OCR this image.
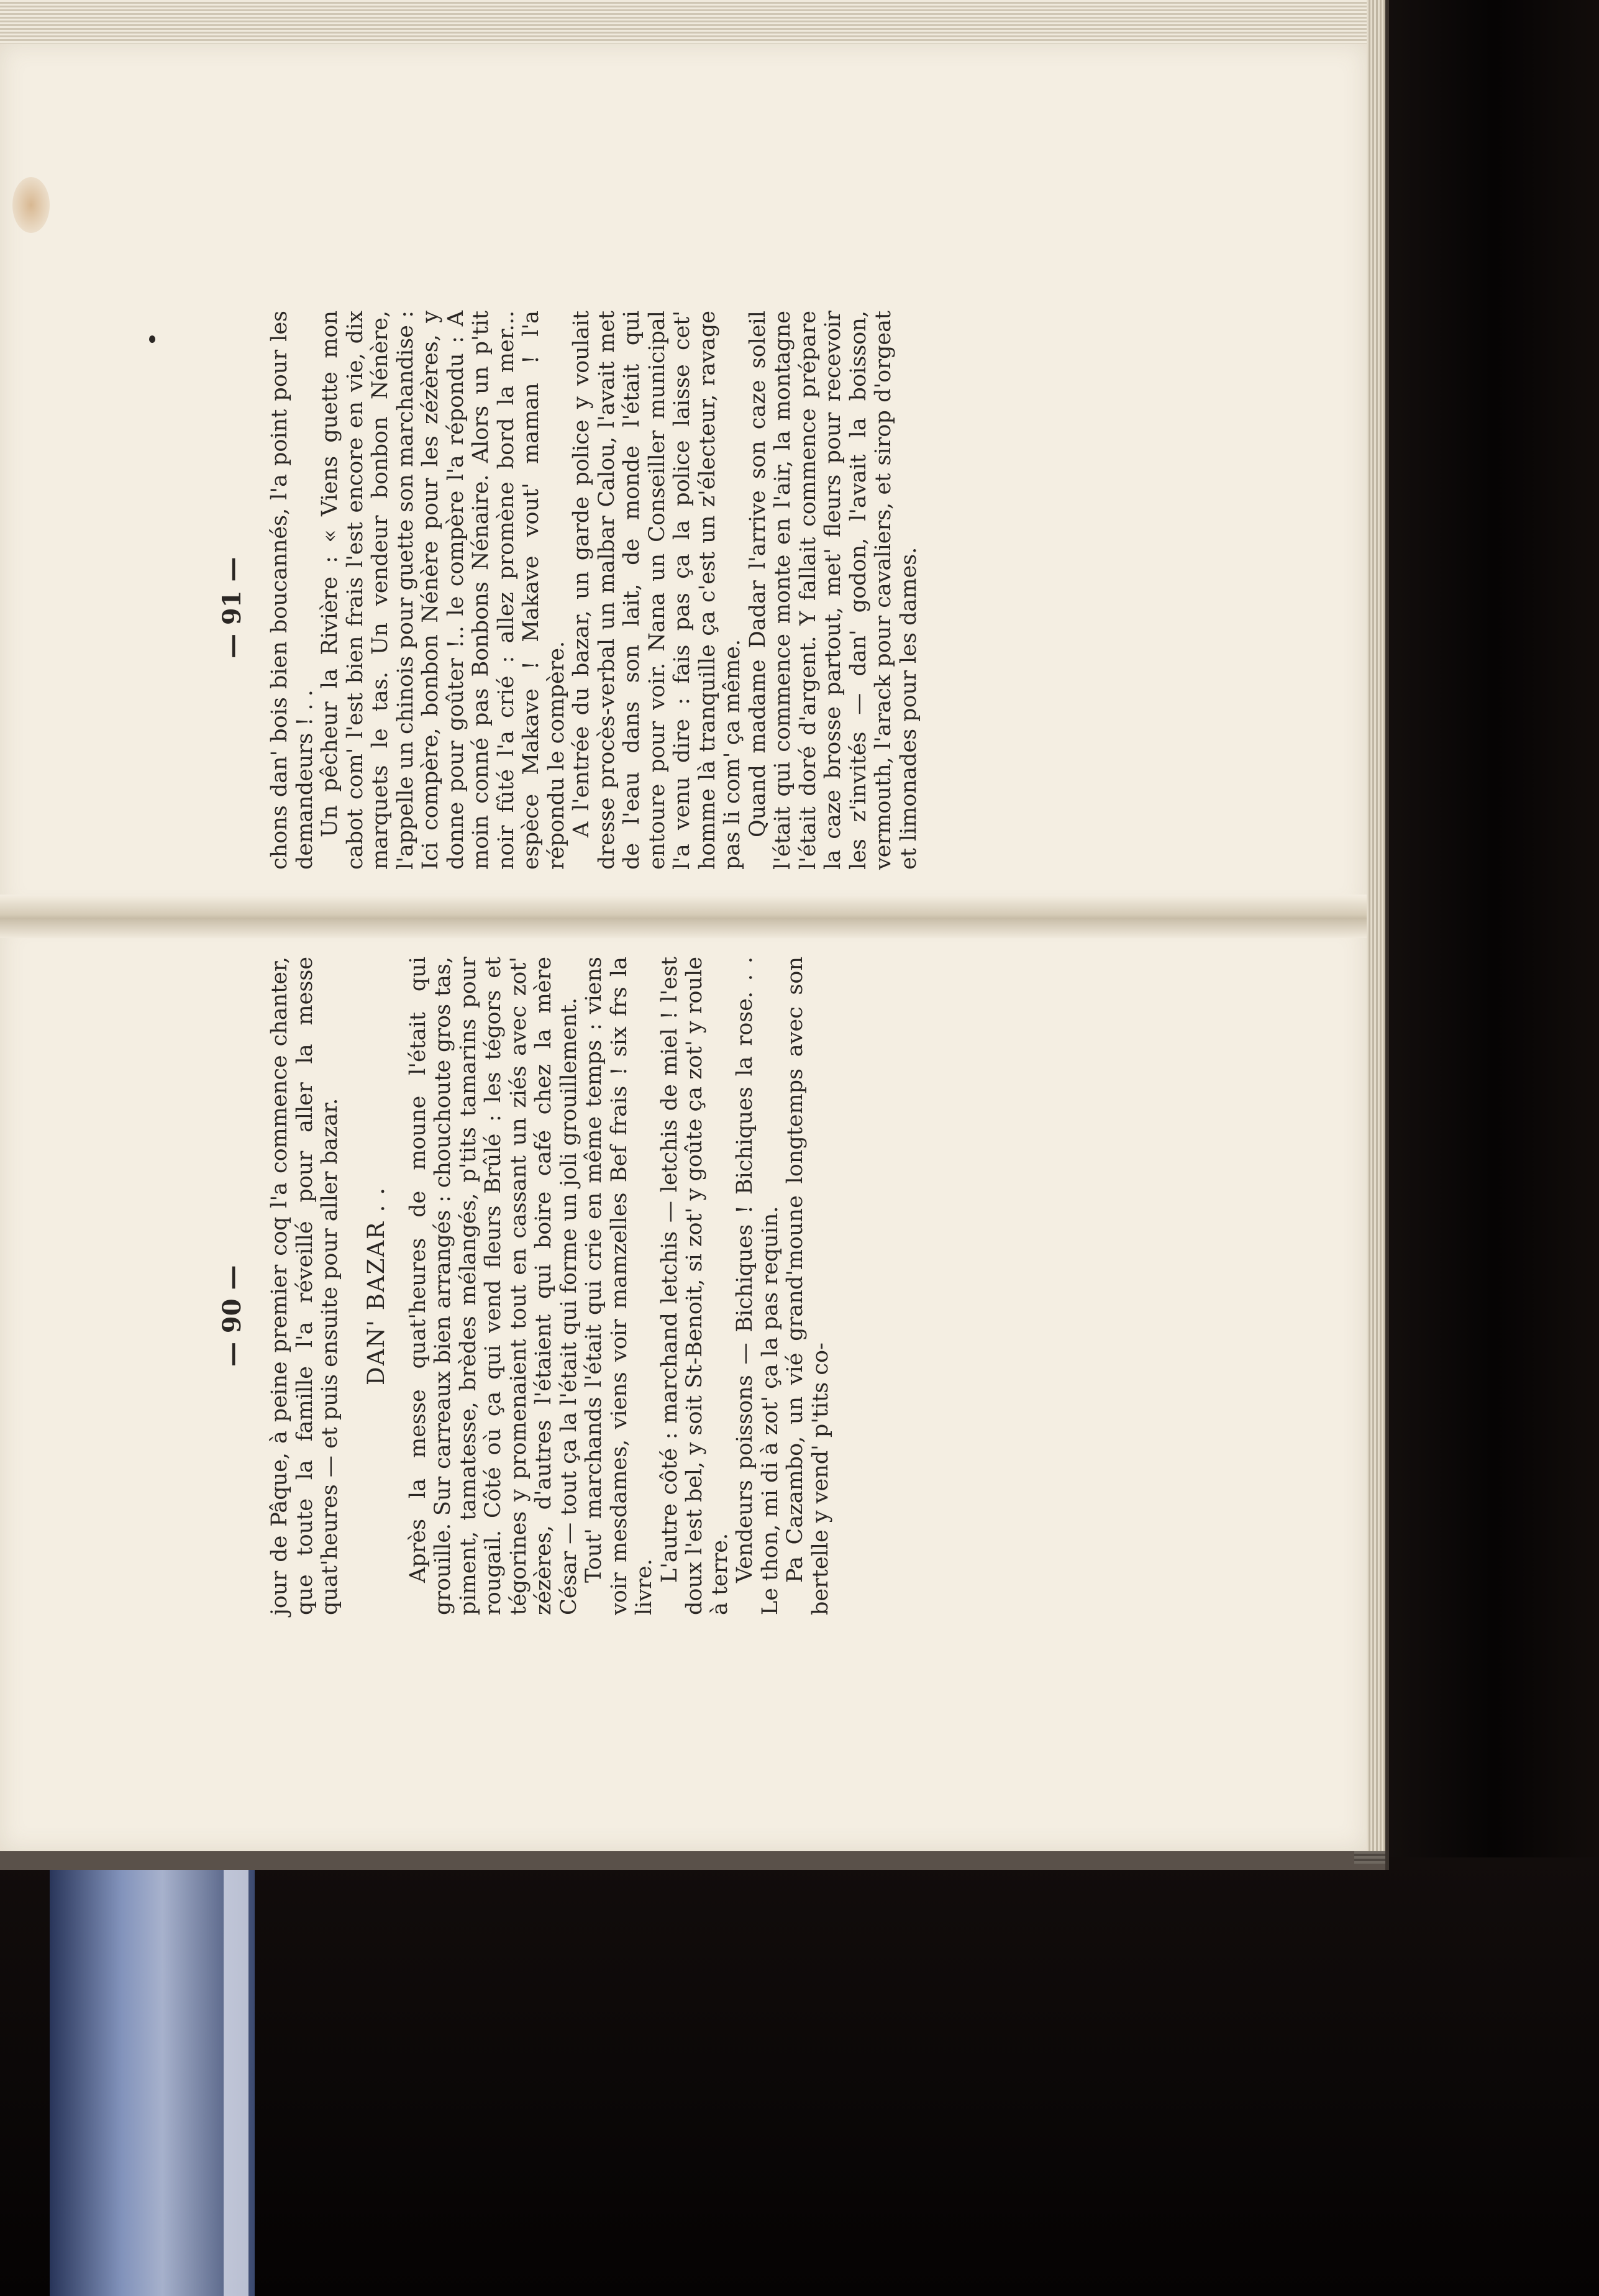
— 91 — chons dan' bois bien boucannés, l'a point pour les demandeurs ! . . Un pêcheur la Rivière : « Viens guette mon cabot com' l'est bien frais l'est encore en vie, dix marquets le tas. Un vendeur bonbon Nénère, l'appelle un chinois pour guette son marchandise : Ici compère, bonbon Nénère pour les zézères, y donne pour goûter !.. le compère l'a répondu : A moin conné pas Bonbons Nénaire. Alors un p'tit noir fûté l'a crié : allez promène bord la mer... espèce Makave ! Makave vout' maman ! l'a répondu le compère. A l'entrée du bazar, un garde police y voulait dresse procès-verbal un malbar Calou, l'avait met de l'eau dans son lait, de monde l'était qui entoure pour voir. Nana un Conseiller municipal l'a venu dire : fais pas ça la police laisse cet' homme là tranquille ça c'est un z'électeur, ravage pas li com' ça même. Quand madame Dadar l'arrive son caze soleil l'était qui commence monte en l'air, la montagne l'était doré d'argent. Y fallait commence prépare la caze brosse partout, met' fleurs pour recevoir les z'invités — dan' godon, l'avait la boisson, vermouth, l'arack pour cavaliers, et sirop d'orgeat et limonades pour les dames.

— 90 — jour de Pâque, à peine premier coq l'a commence chanter, que toute la famille l'a réveillé pour aller la messe quat'heures — et puis ensuite pour aller bazar. DAN' BAZAR . . Après la messe quat'heures de moune l'était qui grouille. Sur carreaux bien arrangés : chouchoute gros tas, piment, tamatesse, brèdes mélangés, p'tits tamarins pour rougail. Côté où ça qui vend fleurs Brûlé : les tégors et tégorines y promenaient tout en cassant un ziés avec zot' zézères, d'autres l'étaient qui boire café chez la mère César — tout ça la l'était qui forme un joli grouillement. Tout' marchands l'était qui crie en même temps : viens voir mesdames, viens voir mamzelles Bef frais ! six frs la livre.

L'autre côté : marchand letchis — letchis de miel ! l'est doux l'est bel, y soit St-Benoit, si zot' y goûte ça zot' y roule à terre. Vendeurs poissons — Bichiques ! Bichiques la rose. . . Le thon, mi di à zot' ça la pas requin. Pa Cazambo, un vié grand'moune longtemps avec son bertelle y vend' p'tits co-
